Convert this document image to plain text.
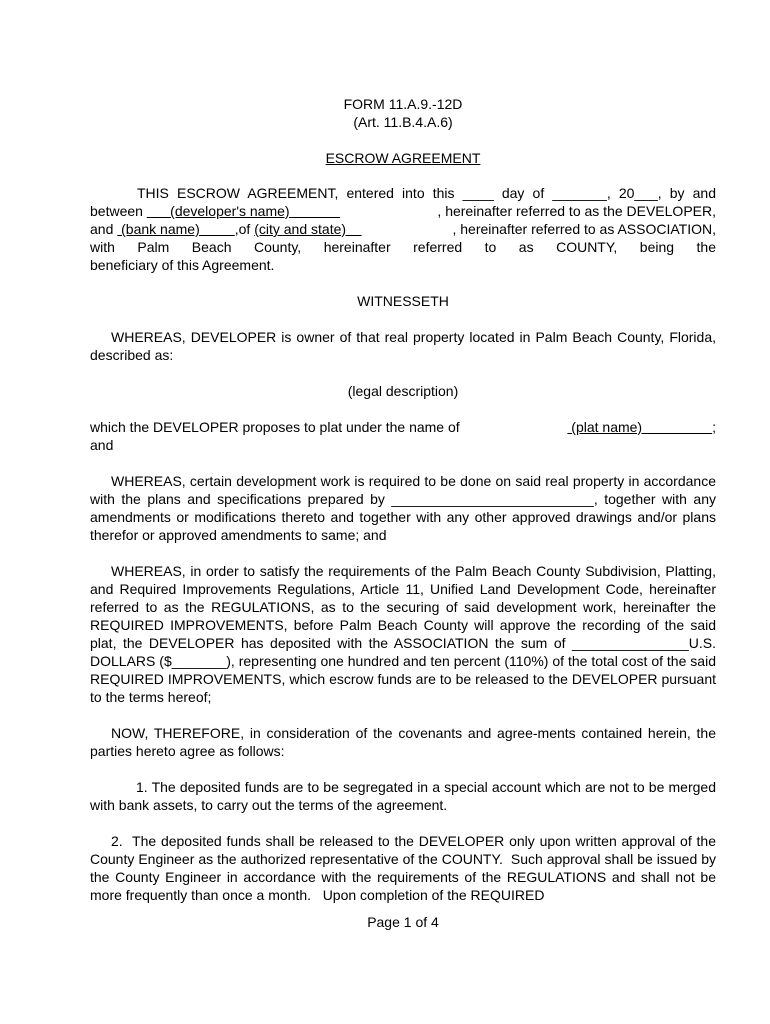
FORM 11.A.9.-12D
(Art. 11.B.4.A.6)
ESCROW AGREEMENT
THIS ESCROW AGREEMENT, entered into this ____ day of _______, 20___, by and
between       (developer's name)	, hereinafter referred to as the DEVELOPER,
and  (bank name)         ,of (city and state)	, hereinafter referred to as ASSOCIATION,
with Palm Beach County, hereinafter referred to as COUNTY, being the
beneficiary of this Agreement.
WITNESSETH

WHEREAS, DEVELOPER is owner of that real property located in Palm Beach County, Florida, described as:

(legal description)
which the DEVELOPER proposes to plat under the name of	(plat name)                  ;
and

WHEREAS, certain development work is required to be done on said real property in accordance with the plans and specifications prepared by __________________________, together with any amendments or modifications thereto and together with any other approved drawings and/or plans therefor or approved amendments to same; and

WHEREAS, in order to satisfy the requirements of the Palm Beach County Subdivision, Platting, and Required Improvements Regulations, Article 11, Unified Land Development Code, hereinafter referred to as the REGULATIONS, as to the securing of said development work, hereinafter the REQUIRED IMPROVEMENTS, before Palm Beach County will approve the recording of the said plat, the DEVELOPER has deposited with the ASSOCIATION the sum of _______________U.S. DOLLARS ($_______), representing one hundred and ten percent (110%) of the total cost of the said REQUIRED IMPROVEMENTS, which escrow funds are to be released to the DEVELOPER pursuant to the terms hereof;

NOW, THEREFORE, in consideration of the covenants and agree-ments contained herein, the parties hereto agree as follows:

1. The deposited funds are to be segregated in a special account which are not to be merged with bank assets, to carry out the terms of the agreement.

2.  The deposited funds shall be released to the DEVELOPER only upon written approval of the County Engineer as the authorized representative of the COUNTY.  Such approval shall be issued by the County Engineer in accordance with the requirements of the REGULATIONS and shall not be more frequently than once a month.   Upon completion of the REQUIRED

Page 1 of 4
